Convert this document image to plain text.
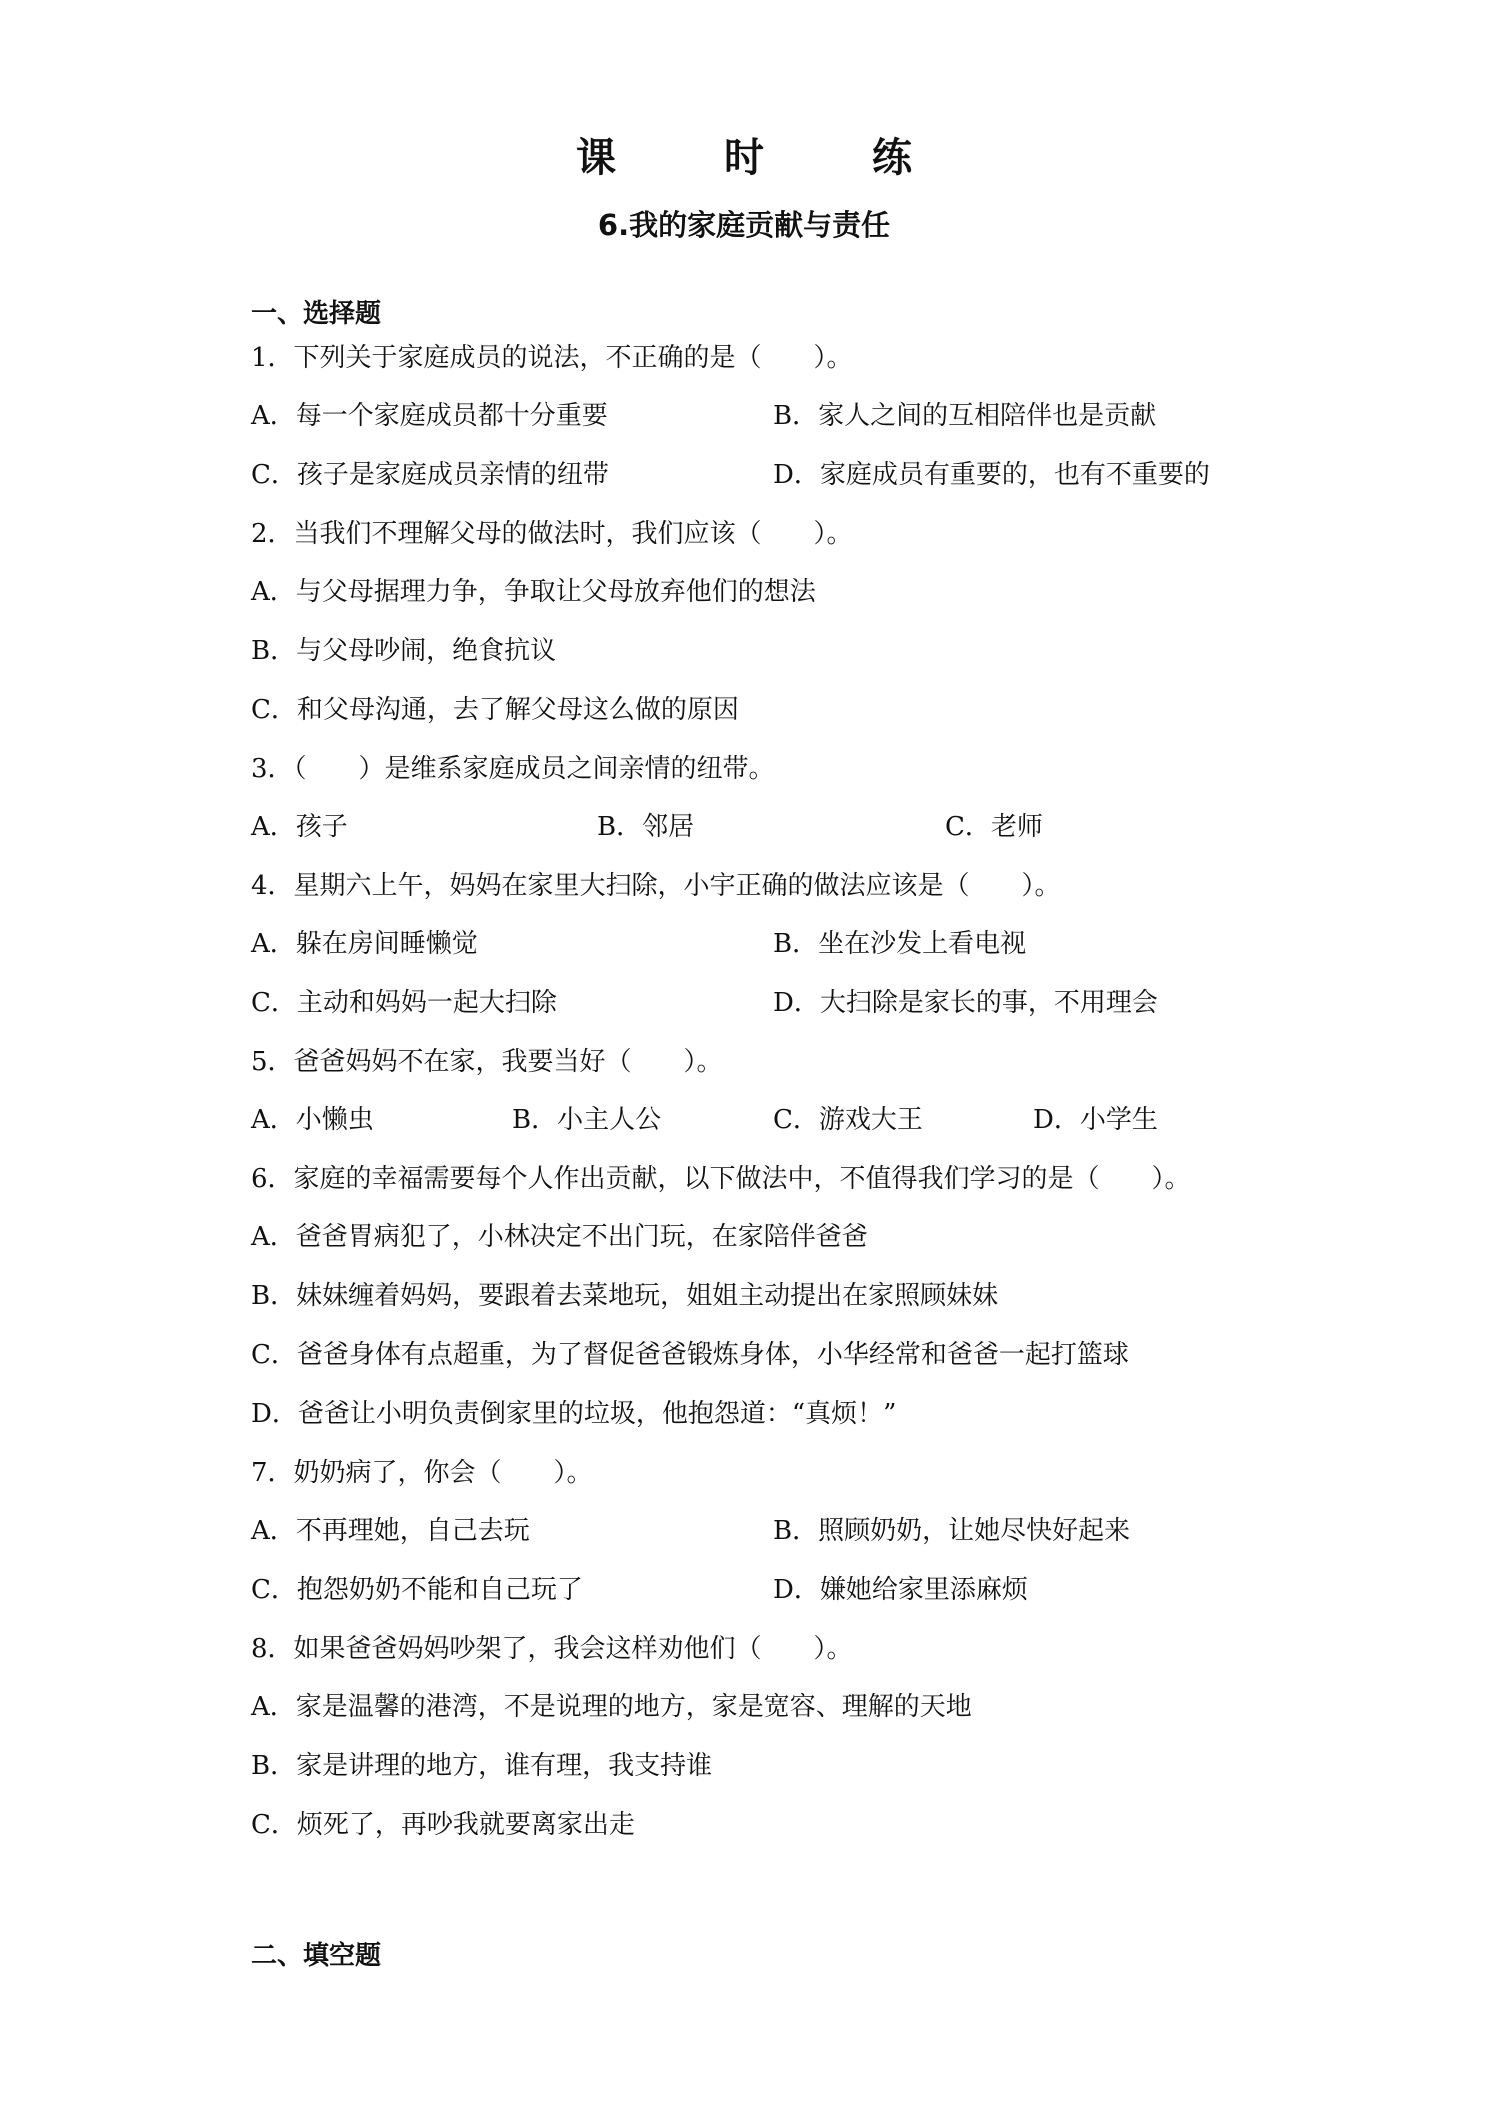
课　时　练
6.我的家庭贡献与责任
一、选择题
1．下列关于家庭成员的说法，不正确的是（　　）。
A．每一个家庭成员都十分重要	B．家人之间的互相陪伴也是贡献
C．孩子是家庭成员亲情的纽带	D．家庭成员有重要的，也有不重要的
2．当我们不理解父母的做法时，我们应该（　　）。
A．与父母据理力争，争取让父母放弃他们的想法
B．与父母吵闹，绝食抗议
C．和父母沟通，去了解父母这么做的原因
3．（　　）是维系家庭成员之间亲情的纽带。
A．孩子	B．邻居	C．老师
4．星期六上午，妈妈在家里大扫除，小宇正确的做法应该是（　　）。
A．躲在房间睡懒觉	B．坐在沙发上看电视
C．主动和妈妈一起大扫除	D．大扫除是家长的事，不用理会
5．爸爸妈妈不在家，我要当好（　　）。
A．小懒虫	B．小主人公	C．游戏大王	D．小学生
6．家庭的幸福需要每个人作出贡献，以下做法中，不值得我们学习的是（　　）。
A．爸爸胃病犯了，小林决定不出门玩，在家陪伴爸爸
B．妹妹缠着妈妈，要跟着去菜地玩，姐姐主动提出在家照顾妹妹
C．爸爸身体有点超重，为了督促爸爸锻炼身体，小华经常和爸爸一起打篮球
D．爸爸让小明负责倒家里的垃圾，他抱怨道：“真烦！”
7．奶奶病了，你会（　　）。
A．不再理她，自己去玩	B．照顾奶奶，让她尽快好起来
C．抱怨奶奶不能和自己玩了	D．嫌她给家里添麻烦
8．如果爸爸妈妈吵架了，我会这样劝他们（　　）。
A．家是温馨的港湾，不是说理的地方，家是宽容、理解的天地
B．家是讲理的地方，谁有理，我支持谁
C．烦死了，再吵我就要离家出走
二、填空题
